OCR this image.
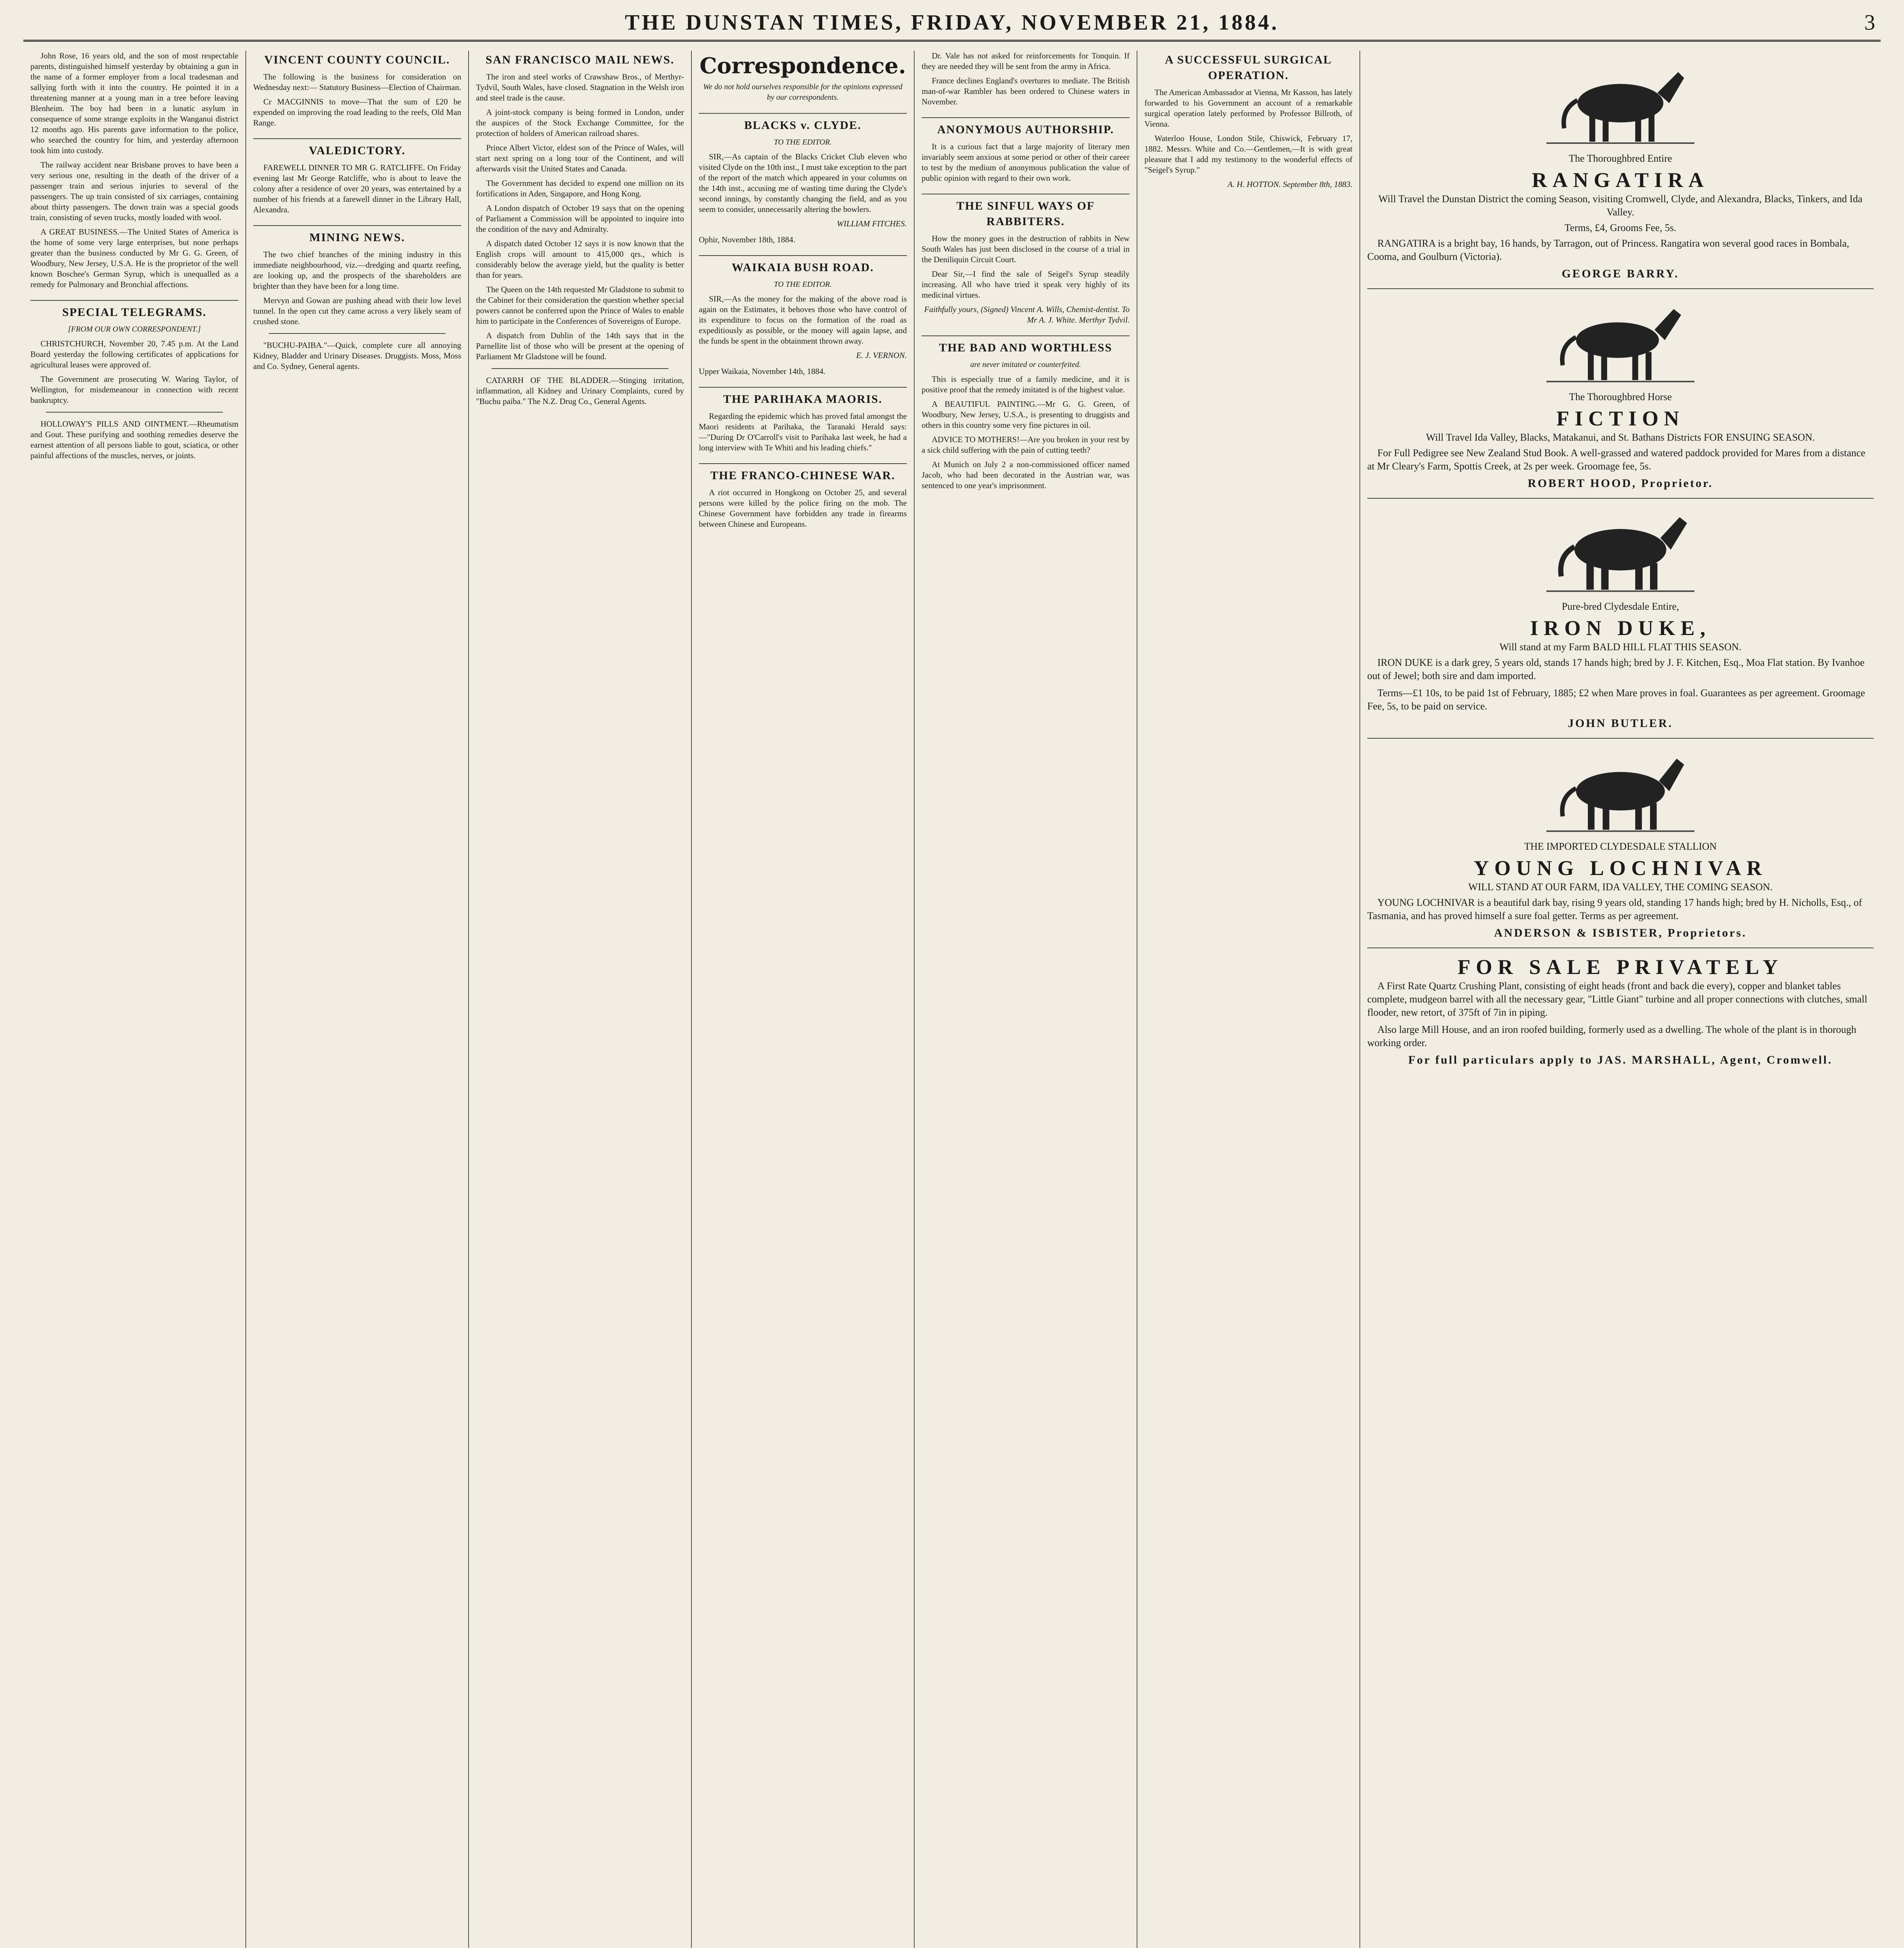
THE DUNSTAN TIMES, FRIDAY, NOVEMBER 21, 1884.	3

John Rose, 16 years old, and the son of most respectable parents, distinguished himself yesterday by obtaining a gun in the name of a former employer from a local tradesman and sallying forth with it into the country. He pointed it in a threatening manner at a young man in a tree before leaving Blenheim. The boy had been in a lunatic asylum in consequence of some strange exploits in the Wanganui district 12 months ago. His parents gave information to the police, who searched the country for him, and yesterday afternoon took him into custody.

The railway accident near Brisbane proves to have been a very serious one, resulting in the death of the driver of a passenger train and serious injuries to several of the passengers. The up train consisted of six carriages, containing about thirty passengers. The down train was a special goods train, consisting of seven trucks, mostly loaded with wool.

A GREAT BUSINESS.—The United States of America is the home of some very large enterprises, but none perhaps greater than the business conducted by Mr G. G. Green, of Woodbury, New Jersey, U.S.A. He is the proprietor of the well known Boschee's German Syrup, which is unequalled as a remedy for Pulmonary and Bronchial affections.

SPECIAL TELEGRAMS.
[FROM OUR OWN CORRESPONDENT.]

CHRISTCHURCH, November 20, 7.45 p.m. At the Land Board yesterday the following certificates of applications for agricultural leases were approved of.

The Government are prosecuting W. Waring Taylor, of Wellington, for misdemeanour in connection with recent bankruptcy.

HOLLOWAY'S PILLS AND OINTMENT.—Rheumatism and Gout. These purifying and soothing remedies deserve the earnest attention of all persons liable to gout, sciatica, or other painful affections of the muscles, nerves, or joints.

VINCENT COUNTY COUNCIL.

The following is the business for consideration on Wednesday next:— Statutory Business—Election of Chairman.

Cr MACGINNIS to move—That the sum of £20 be expended on improving the road leading to the reefs, Old Man Range.

VALEDICTORY.

FAREWELL DINNER TO MR G. RATCLIFFE. On Friday evening last Mr George Ratcliffe, who is about to leave the colony after a residence of over 20 years, was entertained by a number of his friends at a farewell dinner in the Library Hall, Alexandra.

MINING NEWS.

The two chief branches of the mining industry in this immediate neighbourhood, viz.—dredging and quartz reefing, are looking up, and the prospects of the shareholders are brighter than they have been for a long time.

Mervyn and Gowan are pushing ahead with their low level tunnel. In the open cut they came across a very likely seam of crushed stone.

"BUCHU-PAIBA."—Quick, complete cure all annoying Kidney, Bladder and Urinary Diseases. Druggists. Moss, Moss and Co. Sydney, General agents.

SAN FRANCISCO MAIL NEWS.

The iron and steel works of Crawshaw Bros., of Merthyr-Tydvil, South Wales, have closed. Stagnation in the Welsh iron and steel trade is the cause.

A joint-stock company is being formed in London, under the auspices of the Stock Exchange Committee, for the protection of holders of American railroad shares.

Prince Albert Victor, eldest son of the Prince of Wales, will start next spring on a long tour of the Continent, and will afterwards visit the United States and Canada.

The Government has decided to expend one million on its fortifications in Aden, Singapore, and Hong Kong.

A London dispatch of October 19 says that on the opening of Parliament a Commission will be appointed to inquire into the condition of the navy and Admiralty.

A dispatch dated October 12 says it is now known that the English crops will amount to 415,000 qrs., which is considerably below the average yield, but the quality is better than for years.

The Queen on the 14th requested Mr Gladstone to submit to the Cabinet for their consideration the question whether special powers cannot be conferred upon the Prince of Wales to enable him to participate in the Conferences of Sovereigns of Europe.

A dispatch from Dublin of the 14th says that in the Parnellite list of those who will be present at the opening of Parliament Mr Gladstone will be found.

CATARRH OF THE BLADDER.—Stinging irritation, inflammation, all Kidney and Urinary Complaints, cured by "Buchu paiba." The N.Z. Drug Co., General Agents.

Correspondence.
We do not hold ourselves responsible for the opinions expressed by our correspondents.
BLACKS v. CLYDE.
TO THE EDITOR.

SIR,—As captain of the Blacks Cricket Club eleven who visited Clyde on the 10th inst., I must take exception to the part of the report of the match which appeared in your columns on the 14th inst., accusing me of wasting time during the Clyde's second innings, by constantly changing the field, and as you seem to consider, unnecessarily altering the bowlers.

WILLIAM FITCHES.
Ophir, November 18th, 1884.
WAIKAIA BUSH ROAD.
TO THE EDITOR.

SIR,—As the money for the making of the above road is again on the Estimates, it behoves those who have control of its expenditure to focus on the formation of the road as expeditiously as possible, or the money will again lapse, and the funds be spent in the obtainment thrown away.

E. J. VERNON.
Upper Waikaia, November 14th, 1884.
THE PARIHAKA MAORIS.

Regarding the epidemic which has proved fatal amongst the Maori residents at Parihaka, the Taranaki Herald says:—"During Dr O'Carroll's visit to Parihaka last week, he had a long interview with Te Whiti and his leading chiefs."

THE FRANCO-CHINESE WAR.

A riot occurred in Hongkong on October 25, and several persons were killed by the police firing on the mob. The Chinese Government have forbidden any trade in firearms between Chinese and Europeans.

Dr. Vale has not asked for reinforcements for Tonquin. If they are needed they will be sent from the army in Africa.

France declines England's overtures to mediate. The British man-of-war Rambler has been ordered to Chinese waters in November.

ANONYMOUS AUTHORSHIP.

It is a curious fact that a large majority of literary men invariably seem anxious at some period or other of their career to test by the medium of anonymous publication the value of public opinion with regard to their own work.

THE SINFUL WAYS OF RABBITERS.

How the money goes in the destruction of rabbits in New South Wales has just been disclosed in the course of a trial in the Deniliquin Circuit Court.

Dear Sir,—I find the sale of Seigel's Syrup steadily increasing. All who have tried it speak very highly of its medicinal virtues.

Faithfully yours, (Signed) Vincent A. Wills, Chemist-dentist. To Mr A. J. White. Merthyr Tydvil.
THE BAD AND WORTHLESS
are never imitated or counterfeited.

This is especially true of a family medicine, and it is positive proof that the remedy imitated is of the highest value.

A BEAUTIFUL PAINTING.—Mr G. G. Green, of Woodbury, New Jersey, U.S.A., is presenting to druggists and others in this country some very fine pictures in oil.

ADVICE TO MOTHERS!—Are you broken in your rest by a sick child suffering with the pain of cutting teeth?

At Munich on July 2 a non-commissioned officer named Jacob, who had been decorated in the Austrian war, was sentenced to one year's imprisonment.

A SUCCESSFUL SURGICAL OPERATION.

The American Ambassador at Vienna, Mr Kasson, has lately forwarded to his Government an account of a remarkable surgical operation lately performed by Professor Billroth, of Vienna.

Waterloo House, London Stile, Chiswick, February 17, 1882. Messrs. White and Co.—Gentlemen,—It is with great pleasure that I add my testimony to the wonderful effects of "Seigel's Syrup."

A. H. HOTTON. September 8th, 1883.
The Thoroughbred Entire
RANGATIRA
Will Travel the Dunstan District the coming Season, visiting Cromwell, Clyde, and Alexandra, Blacks, Tinkers, and Ida Valley.
Terms, £4, Grooms Fee, 5s.

RANGATIRA is a bright bay, 16 hands, by Tarragon, out of Princess. Rangatira won several good races in Bombala, Cooma, and Goulburn (Victoria).

GEORGE BARRY.
The Thoroughbred Horse
FICTION
Will Travel Ida Valley, Blacks, Matakanui, and St. Bathans Districts FOR ENSUING SEASON.

For Full Pedigree see New Zealand Stud Book. A well-grassed and watered paddock provided for Mares from a distance at Mr Cleary's Farm, Spottis Creek, at 2s per week. Groomage fee, 5s.

ROBERT HOOD, Proprietor.
Pure-bred Clydesdale Entire,
IRON DUKE,
Will stand at my Farm BALD HILL FLAT THIS SEASON.

IRON DUKE is a dark grey, 5 years old, stands 17 hands high; bred by J. F. Kitchen, Esq., Moa Flat station. By Ivanhoe out of Jewel; both sire and dam imported.

Terms—£1 10s, to be paid 1st of February, 1885; £2 when Mare proves in foal. Guarantees as per agreement. Groomage Fee, 5s, to be paid on service.

JOHN BUTLER.
THE IMPORTED CLYDESDALE STALLION
YOUNG LOCHNIVAR
WILL STAND AT OUR FARM, IDA VALLEY, THE COMING SEASON.

YOUNG LOCHNIVAR is a beautiful dark bay, rising 9 years old, standing 17 hands high; bred by H. Nicholls, Esq., of Tasmania, and has proved himself a sure foal getter. Terms as per agreement.

ANDERSON & ISBISTER, Proprietors.
FOR SALE PRIVATELY

A First Rate Quartz Crushing Plant, consisting of eight heads (front and back die every), copper and blanket tables complete, mudgeon barrel with all the necessary gear, "Little Giant" turbine and all proper connections with clutches, small flooder, new retort, of 375ft of 7in in piping.

Also large Mill House, and an iron roofed building, formerly used as a dwelling. The whole of the plant is in thorough working order.

For full particulars apply to JAS. MARSHALL, Agent, Cromwell.
